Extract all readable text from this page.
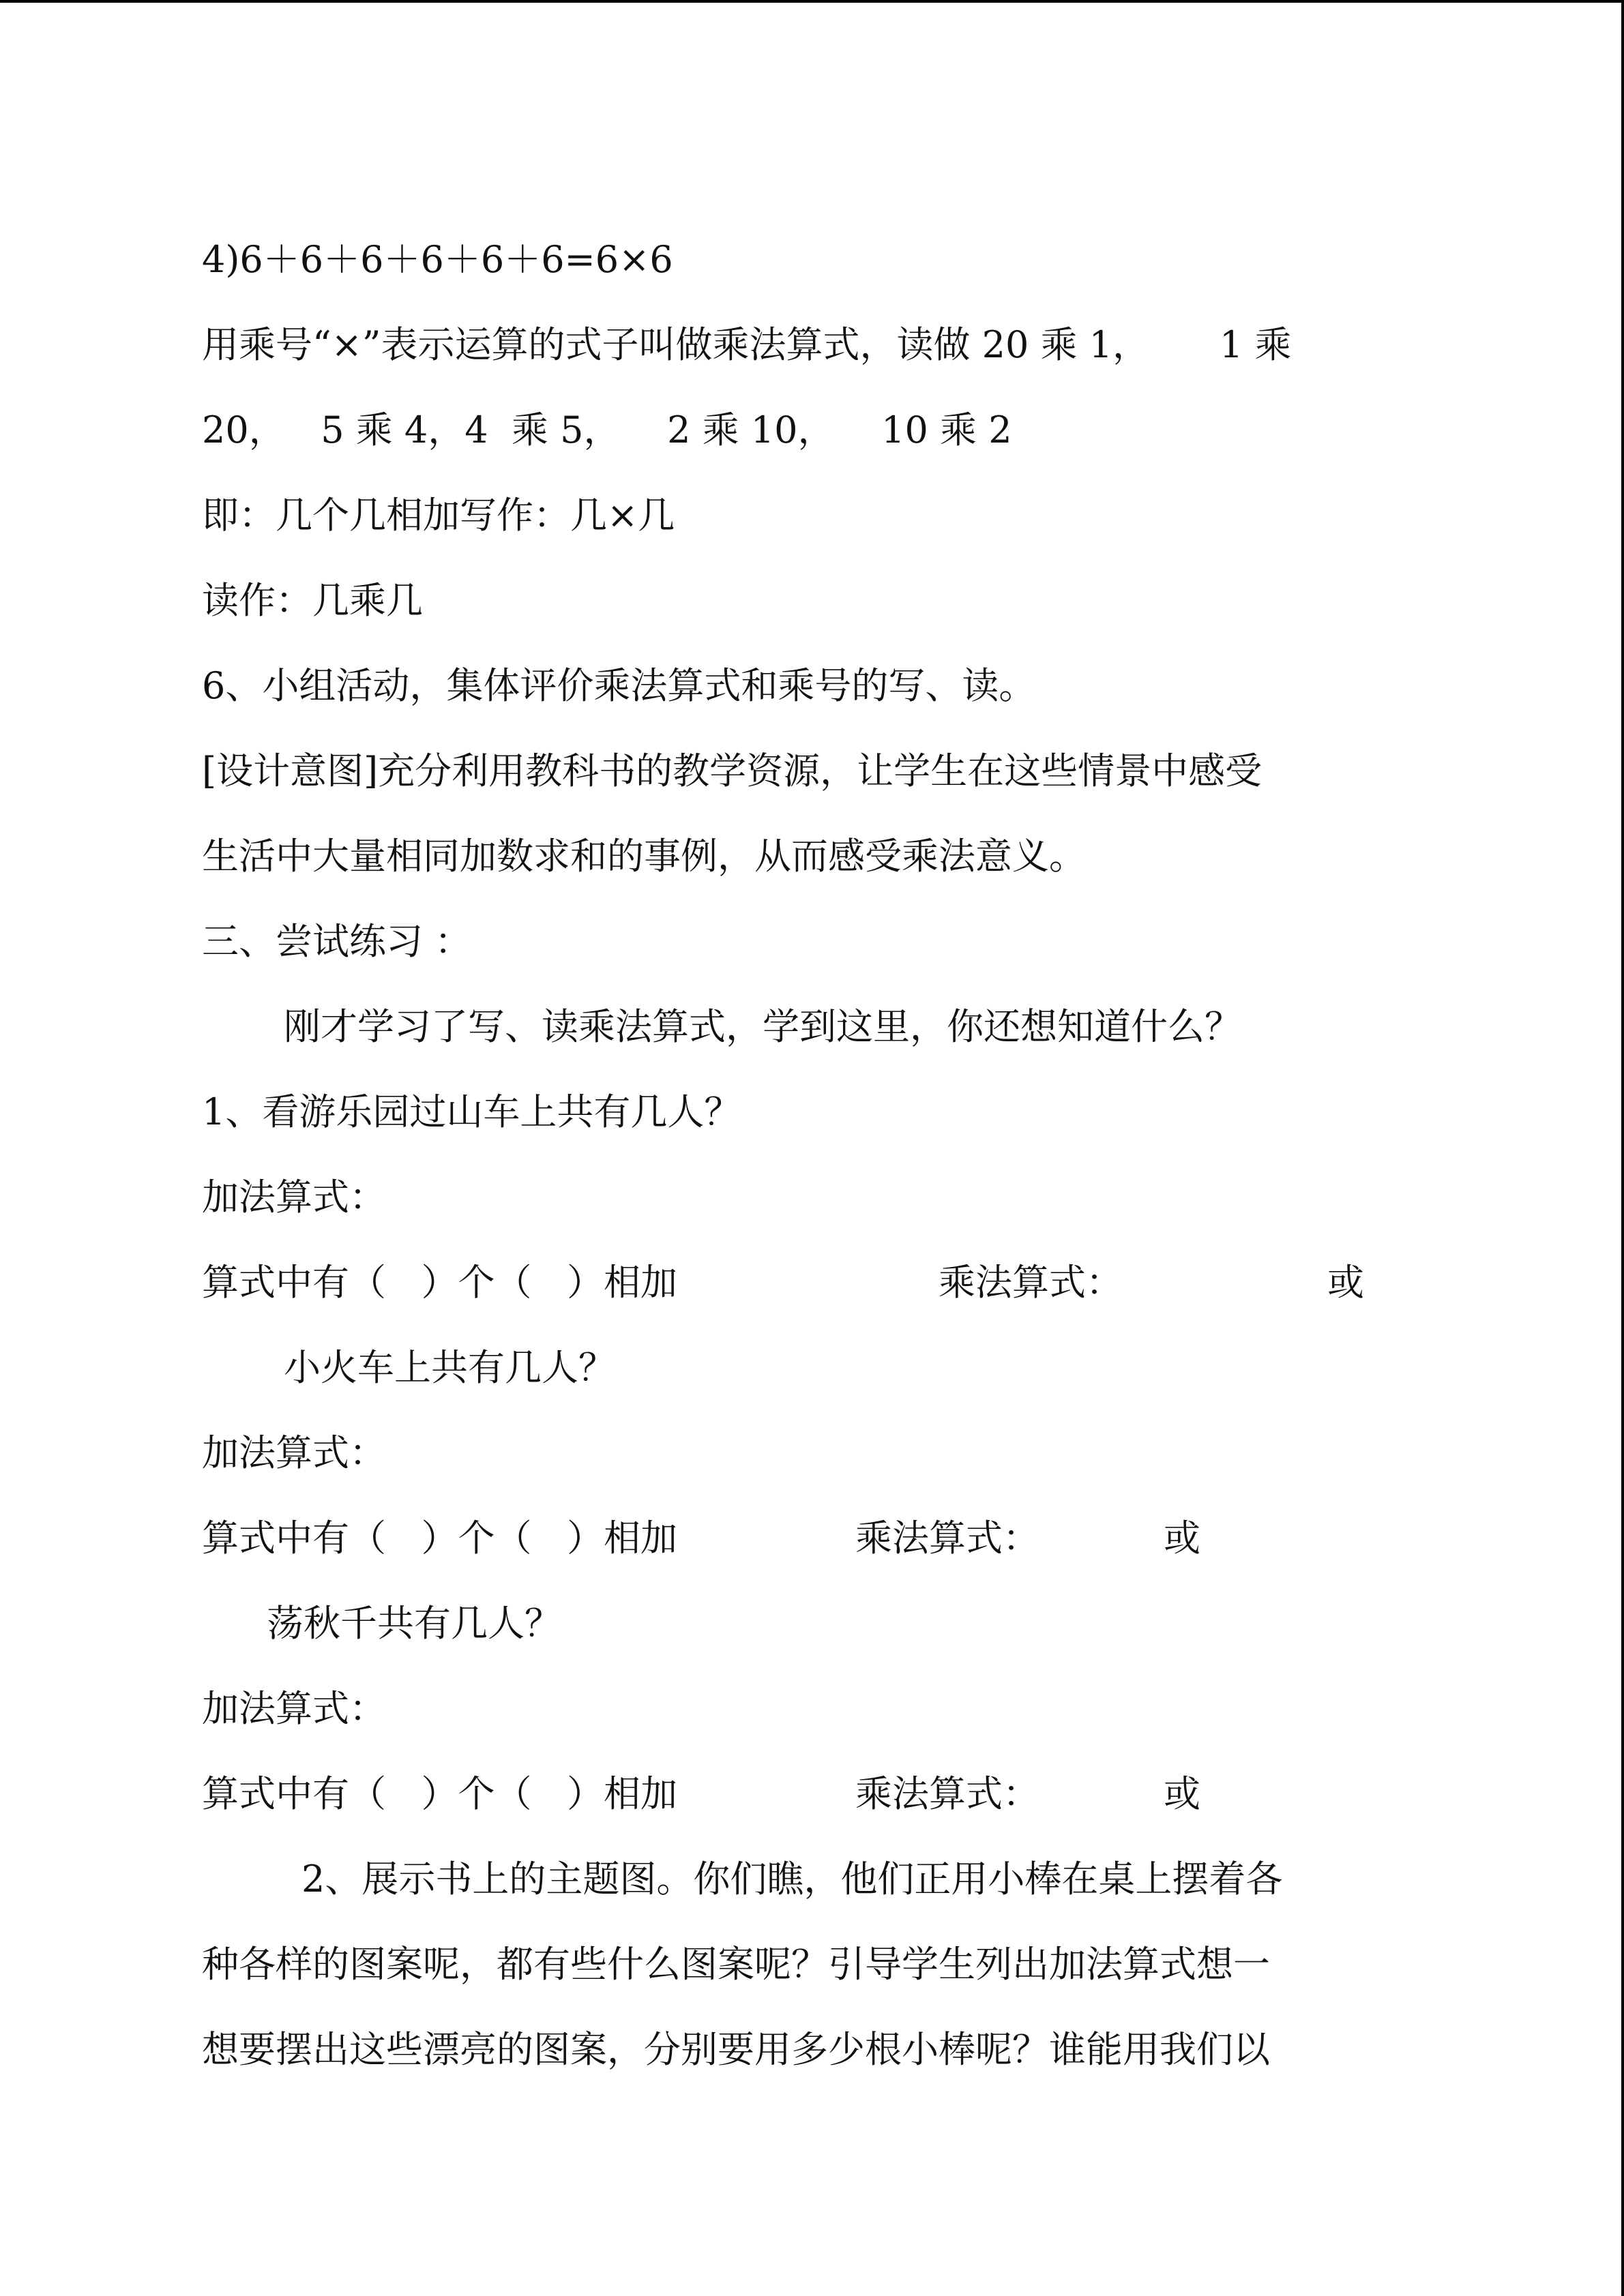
4)6＋6＋6＋6＋6＋6=6×6
用乘号“×”表示运算的式子叫做乘法算式，读做 20 乘 1，      1 乘
20，   5 乘 4，4  乘 5，    2 乘 10，    10 乘 2
即：几个几相加写作：几×几
读作：几乘几
6、小组活动，集体评价乘法算式和乘号的写、读。
[设计意图]充分利用教科书的教学资源，让学生在这些情景中感受
生活中大量相同加数求和的事例，从而感受乘法意义。
三、尝试练习 ：
刚才学习了写、读乘法算式，学到这里，你还想知道什么？
1、看游乐园过山车上共有几人？
加法算式：
算式中有（   ）个（   ）相加	乘法算式：	或
小火车上共有几人？
加法算式：
算式中有（   ）个（   ）相加	乘法算式：	或
荡秋千共有几人？
加法算式：
算式中有（   ）个（   ）相加	乘法算式：	或
2、展示书上的主题图。你们瞧，他们正用小棒在桌上摆着各
种各样的图案呢，都有些什么图案呢？引导学生列出加法算式想一
想要摆出这些漂亮的图案，分别要用多少根小棒呢？谁能用我们以
